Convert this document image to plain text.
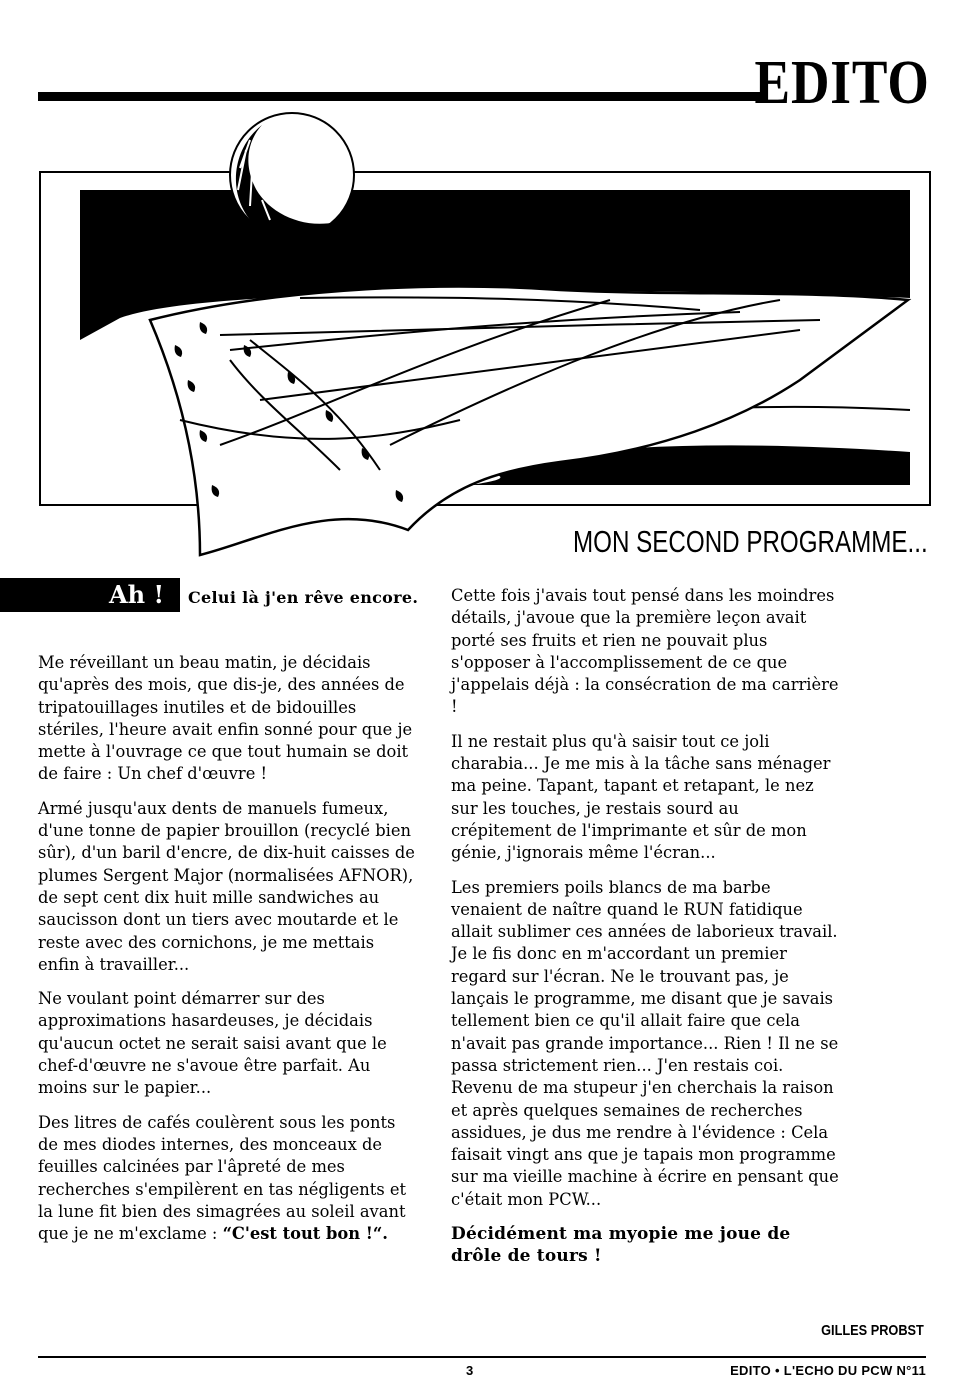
EDITO
MON SECOND PROGRAMME...
Ah !	Celui là j'en rêve encore.

Me réveillant un beau matin, je décidais qu'après des mois, que dis-je, des années de tripatouillages inutiles et de bidouilles stériles, l'heure avait enfin sonné pour que je mette à l'ouvrage ce que tout humain se doit de faire : Un chef d'œuvre !

Armé jusqu'aux dents de manuels fumeux, d'une tonne de papier brouillon (recyclé bien sûr), d'un baril d'encre, de dix-huit caisses de plumes Sergent Major (normalisées AFNOR), de sept cent dix huit mille sandwiches au saucisson dont un tiers avec moutarde et le reste avec des cornichons, je me mettais enfin à travailler...

Ne voulant point démarrer sur des approximations hasardeuses, je décidais qu'aucun octet ne serait saisi avant que le chef-d'œuvre ne s'avoue être parfait. Au moins sur le papier...

Des litres de cafés coulèrent sous les ponts de mes diodes internes, des monceaux de feuilles calcinées par l'âpreté de mes recherches s'empilèrent en tas négligents et la lune fit bien des simagrées au soleil avant que je ne m'exclame : “C'est tout bon !“.

Cette fois j'avais tout pensé dans les moindres détails, j'avoue que la première leçon avait porté ses fruits et rien ne pouvait plus s'opposer à l'accomplissement de ce que j'appelais déjà : la consécration de ma carrière !

Il ne restait plus qu'à saisir tout ce joli charabia... Je me mis à la tâche sans ménager ma peine. Tapant, tapant et retapant, le nez sur les touches, je restais sourd au crépitement de l'imprimante et sûr de mon génie, j'ignorais même l'écran...

Les premiers poils blancs de ma barbe venaient de naître quand le RUN fatidique allait sublimer ces années de laborieux travail. Je le fis donc en m'accordant un premier regard sur l'écran. Ne le trouvant pas, je lançais le programme, me disant que je savais tellement bien ce qu'il allait faire que cela n'avait pas grande importance... Rien ! Il ne se passa strictement rien... J'en restais coi. Revenu de ma stupeur j'en cherchais la raison et après quelques semaines de recherches assidues, je dus me rendre à l'évidence : Cela faisait vingt ans que je tapais mon programme sur ma vieille machine à écrire en pensant que c'était mon PCW...

Décidément ma myopie me joue de drôle de tours !

GILLES PROBST
3	EDITO • L'ECHO DU PCW N°11
